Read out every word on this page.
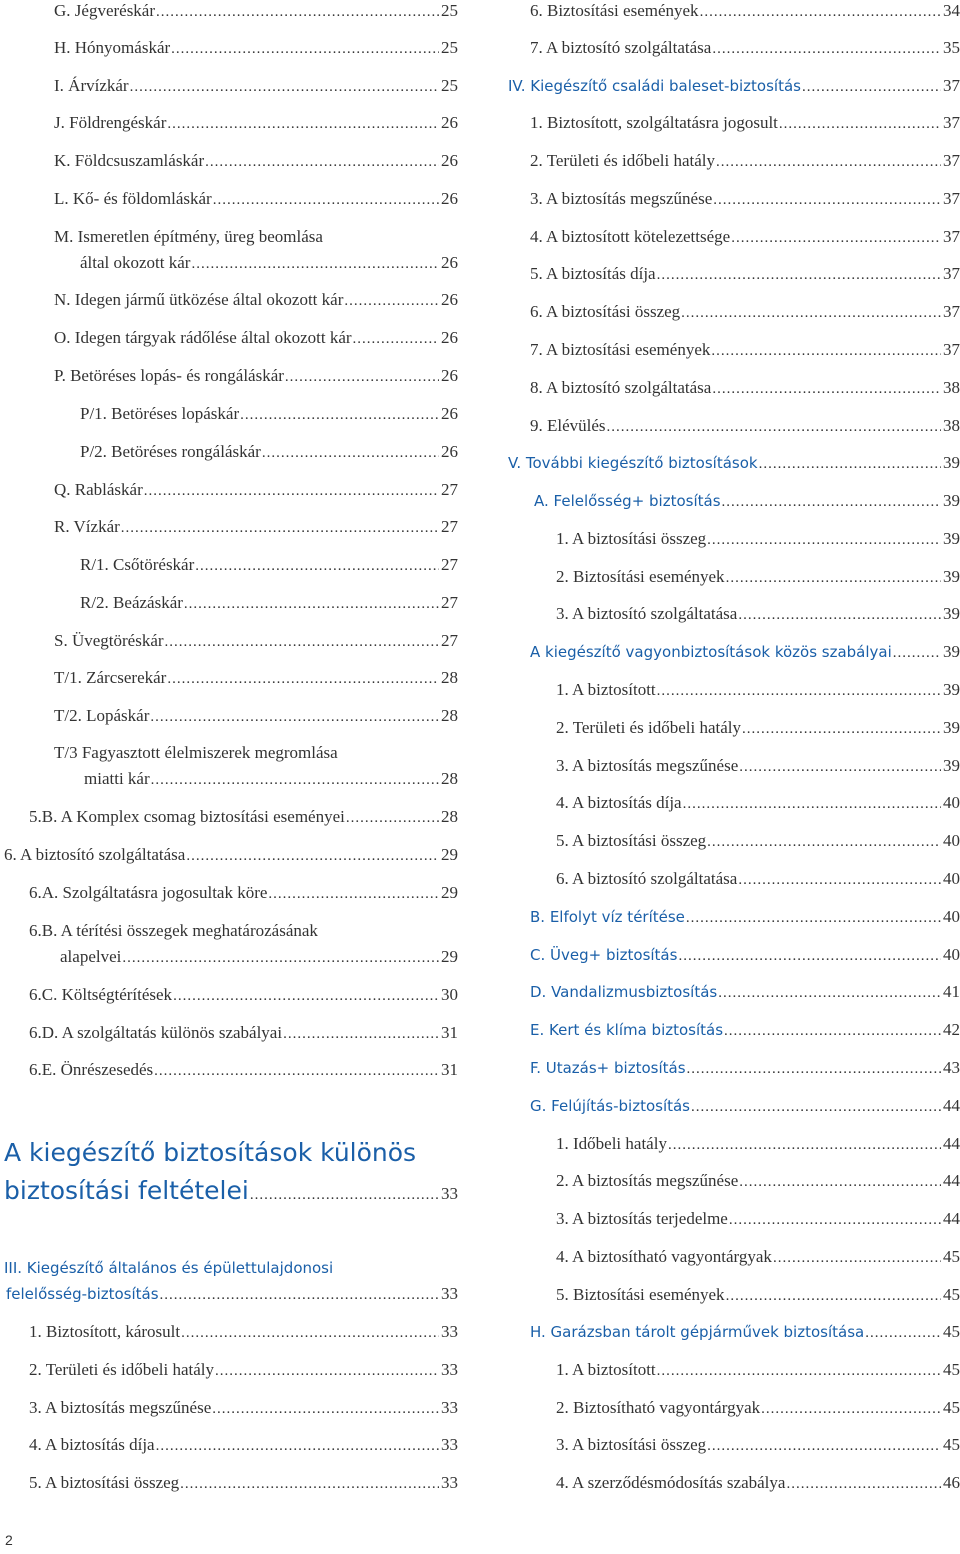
G. Jégveréskár .....	25
H. Hónyomáskár .....	25
I. Árvízkár .....	25
J. Földrengéskár .....	26
K. Földcsuszamláskár .....	26
L. Kő- és földomláskár .....	26
M. Ismeretlen építmény, üreg beomlása
által okozott kár .....	26
N. Idegen jármű ütközése által okozott kár .....	26
O. Idegen tárgyak rádőlése által okozott kár .....	26
P. Betöréses lopás- és rongáláskár .....	26
P/1. Betöréses lopáskár .....	26
P/2. Betöréses rongáláskár .....	26
Q. Rabláskár .....	27
R. Vízkár .....	27
R/1. Csőtöréskár .....	27
R/2. Beázáskár .....	27
S. Üvegtöréskár .....	27
T/1. Zárcserekár .....	28
T/2. Lopáskár .....	28
T/3 Fagyasztott élelmiszerek megromlása
miatti kár .....	28
5.B. A Komplex csomag biztosítási eseményei .....	28
6. A biztosító szolgáltatása .....	29
6.A. Szolgáltatásra jogosultak köre .....	29
6.B. A térítési összegek meghatározásának
alapelvei .....	29
6.C. Költségtérítések .....	30
6.D. A szolgáltatás különös szabályai .....	31
6.E. Önrészesedés .....	31
A kiegészítő biztosítások különös
biztosítási feltételei .....	33
III. Kiegészítő általános és épülettulajdonosi
felelősség-biztosítás .....	33
1. Biztosított, károsult .....	33
2. Területi és időbeli hatály .....	33
3. A biztosítás megszűnése .....	33
4. A biztosítás díja .....	33
5. A biztosítási összeg .....	33
6. Biztosítási események .....	34
7. A biztosító szolgáltatása .....	35
IV. Kiegészítő családi baleset-biztosítás .....	37
1. Biztosított, szolgáltatásra jogosult .....	37
2. Területi és időbeli hatály .....	37
3. A biztosítás megszűnése .....	37
4. A biztosított kötelezettsége .....	37
5. A biztosítás díja .....	37
6. A biztosítási összeg .....	37
7. A biztosítási események .....	37
8. A biztosító szolgáltatása .....	38
9. Elévülés .....	38
V. További kiegészítő biztosítások .....	39
A. Felelősség+ biztosítás .....	39
1. A biztosítási összeg .....	39
2. Biztosítási események .....	39
3. A biztosító szolgáltatása .....	39
A kiegészítő vagyonbiztosítások közös szabályai .....	39
1. A biztosított .....	39
2. Területi és időbeli hatály .....	39
3. A biztosítás megszűnése .....	39
4. A biztosítás díja .....	40
5. A biztosítási összeg .....	40
6. A biztosító szolgáltatása .....	40
B. Elfolyt víz térítése .....	40
C. Üveg+ biztosítás .....	40
D. Vandalizmusbiztosítás .....	41
E. Kert és klíma biztosítás .....	42
F. Utazás+ biztosítás .....	43
G. Felújítás-biztosítás .....	44
1. Időbeli hatály .....	44
2. A biztosítás megszűnése .....	44
3. A biztosítás terjedelme .....	44
4. A biztosítható vagyontárgyak .....	45
5. Biztosítási események .....	45
H. Garázsban tárolt gépjárművek biztosítása .....	45
1. A biztosított .....	45
2. Biztosítható vagyontárgyak .....	45
3. A biztosítási összeg .....	45
4. A szerződésmódosítás szabálya .....	46
2
